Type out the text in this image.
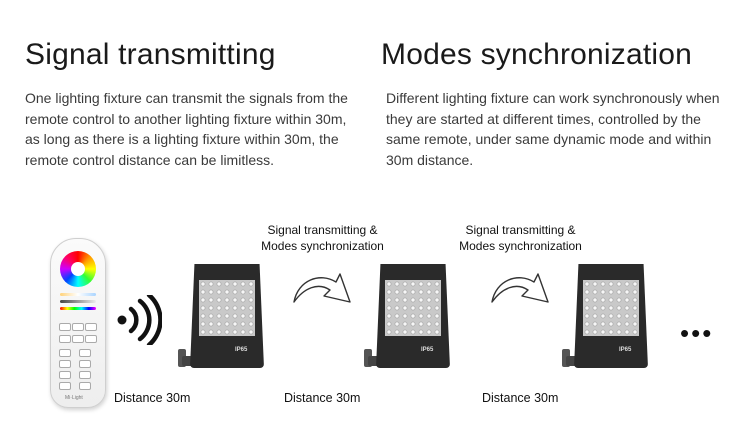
Signal transmitting	Modes synchronization
One lighting fixture can transmit the signals from the remote control to another lighting fixture within 30m, as long as there is a lighting fixture within 30m, the remote control distance can be limitless.
Different lighting fixture can work synchronously when they are started at different times, controlled by the same remote, under same dynamic mode and within 30m distance.
Signal transmitting &
Modes synchronization
Signal transmitting &
Modes synchronization
Mi·Light
IP65	IP65	IP65
•••
Distance 30m	Distance 30m	Distance 30m
